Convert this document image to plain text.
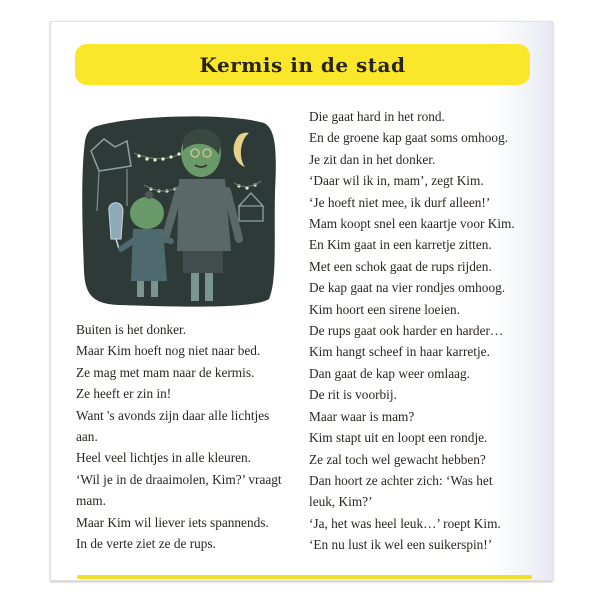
Kermis in de stad
Buiten is het donker.
Maar Kim hoeft nog niet naar bed.
Ze mag met mam naar de kermis.
Ze heeft er zin in!
Want 's avonds zijn daar alle lichtjes
aan.
Heel veel lichtjes in alle kleuren.
‘Wil je in de draaimolen, Kim?’ vraagt
mam.
Maar Kim wil liever iets spannends.
In de verte ziet ze de rups.
Die gaat hard in het rond.
En de groene kap gaat soms omhoog.
Je zit dan in het donker.
‘Daar wil ik in, mam’, zegt Kim.
‘Je hoeft niet mee, ik durf alleen!’
Mam koopt snel een kaartje voor Kim.
En Kim gaat in een karretje zitten.
Met een schok gaat de rups rijden.
De kap gaat na vier rondjes omhoog.
Kim hoort een sirene loeien.
De rups gaat ook harder en harder…
Kim hangt scheef in haar karretje.
Dan gaat de kap weer omlaag.
De rit is voorbij.
Maar waar is mam?
Kim stapt uit en loopt een rondje.
Ze zal toch wel gewacht hebben?
Dan hoort ze achter zich: ‘Was het
leuk, Kim?’
‘Ja, het was heel leuk…’ roept Kim.
‘En nu lust ik wel een suikerspin!’
